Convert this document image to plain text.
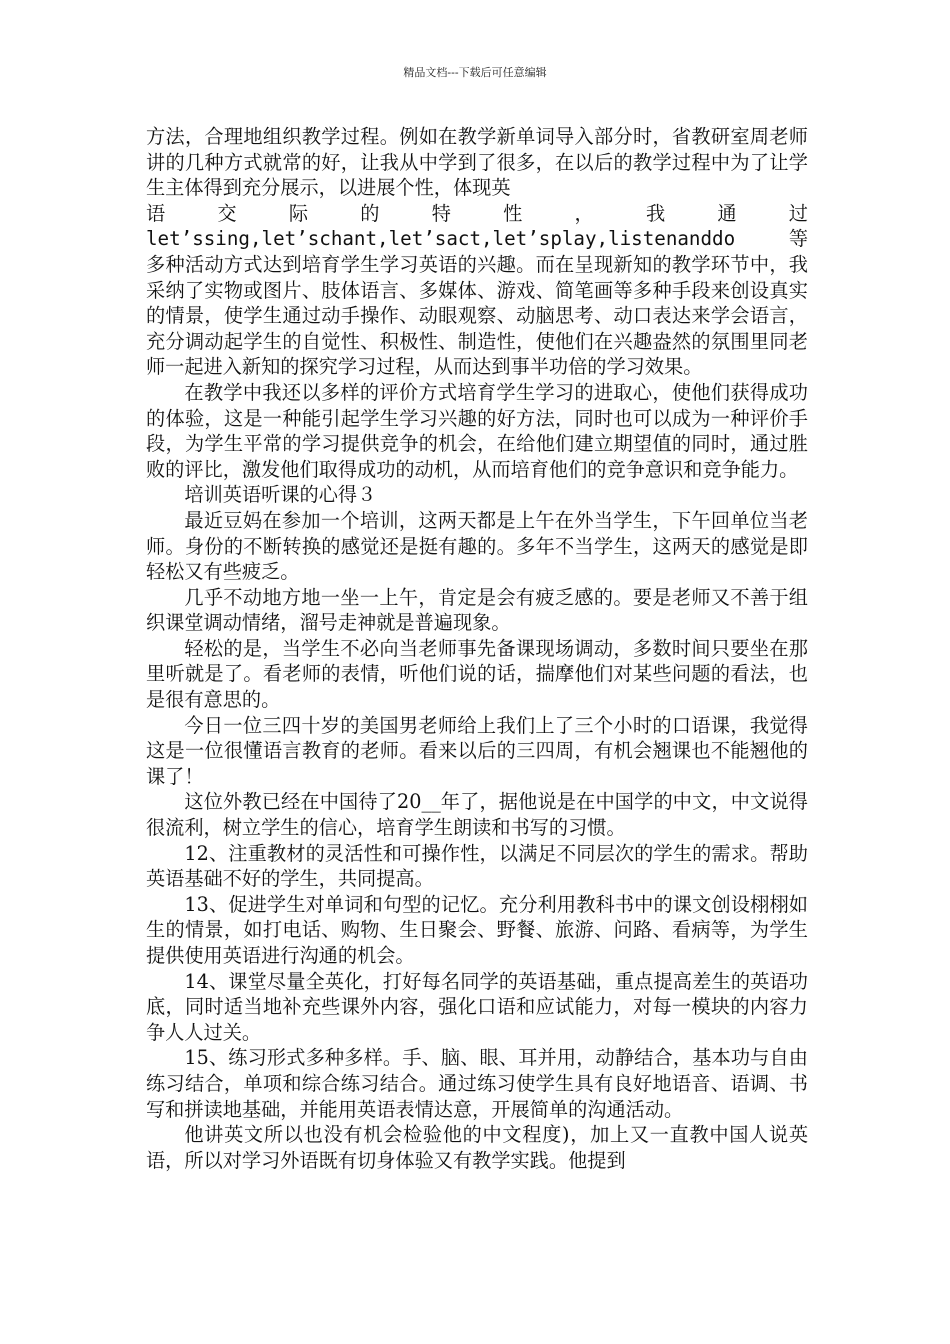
精品文档---下载后可任意编辑

方法，合理地组织教学过程。例如在教学新单词导入部分时，省教研室周老师讲的几种方式就常的好，让我从中学到了很多，在以后的教学过程中为了让学生主体得到充分展示，以进展个性，体现英

语	交	际	的	特	性	，	我	通	过
let’ssing,let’schant,let’sact,let’splay,listenanddo	等

多种活动方式达到培育学生学习英语的兴趣。而在呈现新知的教学环节中，我采纳了实物或图片、肢体语言、多媒体、游戏、简笔画等多种手段来创设真实的情景，使学生通过动手操作、动眼观察、动脑思考、动口表达来学会语言，充分调动起学生的自觉性、积极性、制造性，使他们在兴趣盎然的氛围里同老师一起进入新知的探究学习过程，从而达到事半功倍的学习效果。

在教学中我还以多样的评价方式培育学生学习的进取心，使他们获得成功的体验，这是一种能引起学生学习兴趣的好方法，同时也可以成为一种评价手段，为学生平常的学习提供竞争的机会，在给他们建立期望值的同时，通过胜败的评比，激发他们取得成功的动机，从而培育他们的竞争意识和竞争能力。

培训英语听课的心得３

最近豆妈在参加一个培训，这两天都是上午在外当学生，下午回单位当老师。身份的不断转换的感觉还是挺有趣的。多年不当学生，这两天的感觉是即轻松又有些疲乏。

几乎不动地方地一坐一上午，肯定是会有疲乏感的。要是老师又不善于组织课堂调动情绪，溜号走神就是普遍现象。

轻松的是，当学生不必向当老师事先备课现场调动，多数时间只要坐在那里听就是了。看老师的表情，听他们说的话，揣摩他们对某些问题的看法，也是很有意思的。

今日一位三四十岁的美国男老师给上我们上了三个小时的口语课，我觉得这是一位很懂语言教育的老师。看来以后的三四周，有机会翘课也不能翘他的课了！

这位外教已经在中国待了20__年了，据他说是在中国学的中文，中文说得很流利，树立学生的信心，培育学生朗读和书写的习惯。

12、注重教材的灵活性和可操作性，以满足不同层次的学生的需求。帮助英语基础不好的学生，共同提高。

13、促进学生对单词和句型的记忆。充分利用教科书中的课文创设栩栩如生的情景，如打电话、购物、生日聚会、野餐、旅游、问路、看病等，为学生提供使用英语进行沟通的机会。

14、课堂尽量全英化，打好每名同学的英语基础，重点提高差生的英语功底，同时适当地补充些课外内容，强化口语和应试能力，对每一模块的内容力争人人过关。

15、练习形式多种多样。手、脑、眼、耳并用，动静结合，基本功与自由练习结合，单项和综合练习结合。通过练习使学生具有良好地语音、语调、书写和拼读地基础，并能用英语表情达意，开展简单的沟通活动。

他讲英文所以也没有机会检验他的中文程度)，加上又一直教中国人说英语，所以对学习外语既有切身体验又有教学实践。他提到
